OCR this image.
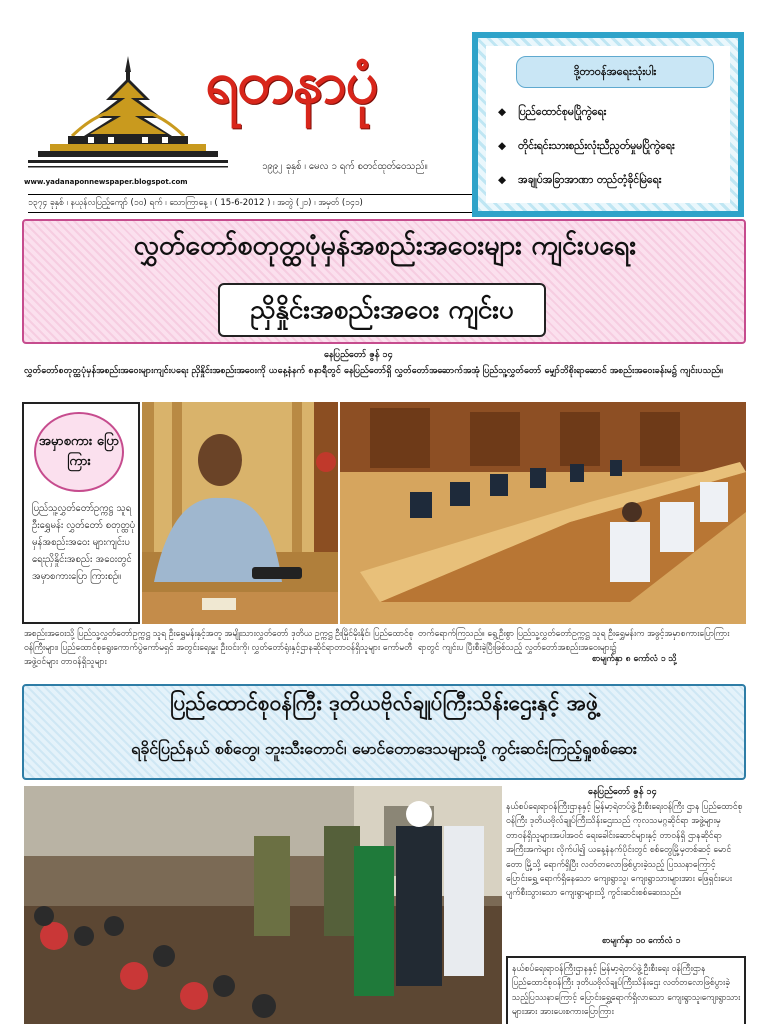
www.yadanaponnewspaper.blogspot.com
ရတနာပုံ
၁၉၉၂ ခုနှစ် ၊ မေလ ၁ ရက် စတင်ထုတ်ဝေသည်။
၁၃၇၄ ခုနှစ် ၊ နယုန်လပြည့်ကျော် (၁၀) ရက် ၊ သောကြာနေ့ ၊ ( 15-6-2012 ) ၊ အတွဲ (၂၁) ၊ အမှတ် (၁၄၁)
ဒို့တာဝန်အရေးသုံးပါး
◆ ပြည်ထောင်စုမပြိုကွဲရေး
◆ တိုင်းရင်းသားစည်းလုံးညီညွတ်မှုမပြိုကွဲရေး
◆ အချုပ်အခြာအာဏာ တည်တံ့ခိုင်မြဲရေး
လွှတ်တော်စတုတ္ထပုံမှန်အစည်းအဝေးများ ကျင်းပရေး
ညှိနှိုင်းအစည်းအဝေး ကျင်းပ
နေပြည်တော် ဇွန် ၁၄
လွှတ်တော်စတုတ္ထပုံမှန်အစည်းအဝေးများကျင်းပရေး ညှိနှိုင်းအစည်းအဝေးကို ယနေ့နံနက် ၈နာရီတွင် နေပြည်တော်ရှိ လွှတ်တော်အဆောက်အအုံ ပြည်သူ့လွှတ်တော် မျှော်ဘိစိုးရာဆောင် အစည်းအဝေးခန်းမ၌ ကျင်းပသည်။
အမှာစကား ပြောကြား
ပြည်သူ့လွှတ်တော်ဥက္ကဋ္ဌ သူရ ဦးရွှေမန်း လွှတ်တော် စတုတ္ထပုံမှန်အစည်းအဝေး များကျင်းပရေးညှိနှိုင်းအစည်း အဝေးတွင် အမှာစကားပြော ကြားစဉ်။
အစည်းအဝေးသို့ ပြည်သူ့လွှတ်တော်ဥက္ကဋ္ဌ သူရ ဦးရွှေမန်းနှင့်အတူ အမျိုးသားလွှတ်တော် ဒုတိယ ဥက္ကဋ္ဌ ဦးမြိုင်မိုးနိုင်၊ ပြည်ထောင်စုဝန်ကြီးများ၊ ပြည်ထောင်စုရွေးကောက်ပွဲကော်မရှင် အတွင်းရေးမှူး ဦးဝင်းကို၊ လွှတ်တော်ရုံးနှင့်ဌာနဆိုင်ရာတာဝန်ရှိသူများ ကော်မတီအဖွဲ့ဝင်များ တာဝန်ရှိသူများ
တက်ရောက်ကြသည်။ ရွေ့ဦးစွာ ပြည်သူ့လွှတ်တော်ဥက္ကဋ္ဌ သူရ ဦးရွှေမန်းက အဖွင့်အမှာစကားပြောကြားရာတွင် ကျင်းပ ပြီးစီးခဲ့ပြီးဖြစ်သည့် လွှတ်တော်အစည်းအဝေးများ၌
စာမျက်နှာ ၈ ကော်လံ ၁ သို့
ပြည်ထောင်စုဝန်ကြီး ဒုတိယဗိုလ်ချုပ်ကြီးသိန်းဌေးနှင့် အဖွဲ့
ရခိုင်ပြည်နယ် စစ်တွေ၊ ဘူးသီးတောင်၊ မောင်တောဒေသများသို့ ကွင်းဆင်းကြည့်ရှုစစ်ဆေး
နေပြည်တော် ဇွန် ၁၄
နယ်စပ်ရေးရာဝန်ကြီးဌာနနှင့် မြန်မာ့ရဲတပ်ဖွဲ့ဦးစီးရေးဝန်ကြီး ဌာန ပြည်ထောင်စုဝန်ကြီး ဒုတိယဗိုလ်ချုပ်ကြီးသိန်းဌေးသည် ကုလသမဂ္ဂဆိုင်ရာ အဖွဲ့များမှ တာဝန်ရှိသူများအပါအဝင် ရေးခေါင်းဆောင်များနှင့် တာဝန်ရှိ ဌာနဆိုင်ရာအကြီးအကဲများ လိုက်ပါ၍ ယနေ့နံနက်ပိုင်းတွင် စစ်တွေမြို့မှတစ်ဆင့် မောင်တော မြို့သို့ ရောက်ရှိပြီး လတ်တလောဖြစ်ပွားခဲ့သည့် ပြဿနာကြောင့် ပြောင်းရွှေ့ ရောက်ရှိနေသော ကျေးရွာသူ၊ ကျေးရွာသားများအား ဖြေရှင်းပေး ပျက်စီးသွားသော ကျေးရွာများသို့ ကွင်းဆင်းစစ်ဆေးသည်။
စာမျက်နှာ ၁၀ ကော်လံ ၁
နယ်စပ်ရေးရာဝန်ကြီးဌာနနှင့် မြန်မာ့ရဲတပ်ဖွဲ့ဦးစီးရေး ဝန်ကြီးဌာန ပြည်ထောင်စုဝန်ကြီး ဒုတိယဗိုလ်ချုပ်ကြီးသိန်းဌေး လတ်တလောဖြစ်ပွားခဲ့သည့်ပြဿနာကြောင့် ပြောင်းရွှေ့ရောက်ရှိလာသော ကျေးရွာသူ၊ကျေးရွာသားများအား အားပေးစကားပြောကြား
